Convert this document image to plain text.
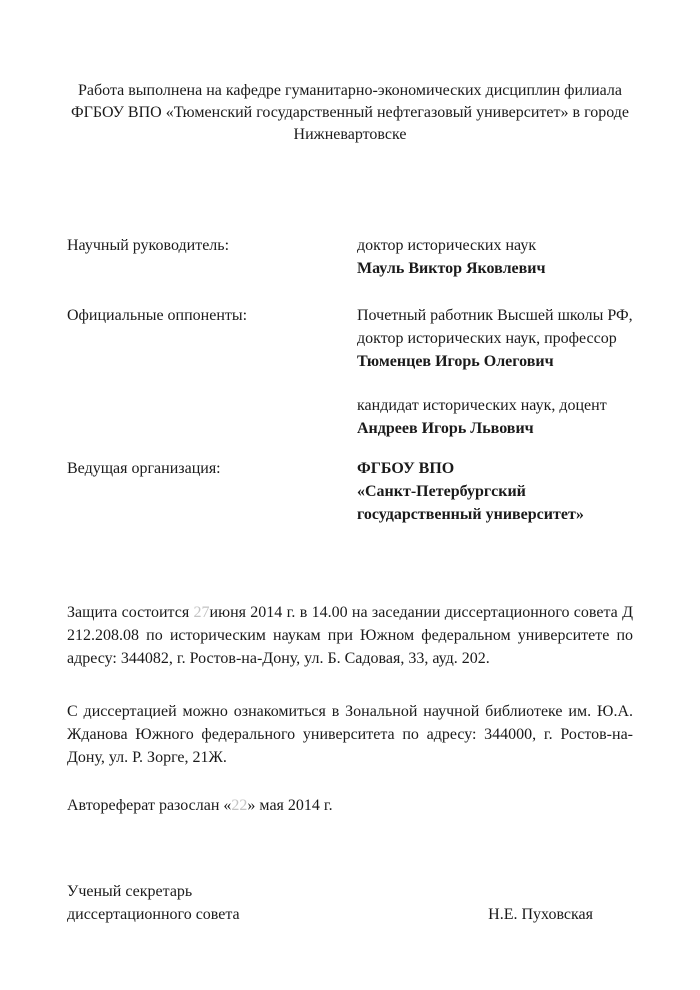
Работа выполнена на кафедре гуманитарно-экономических дисциплин филиала ФГБОУ ВПО «Тюменский государственный нефтегазовый университет» в городе Нижневартовске
Научный руководитель:	доктор исторических наук
Мауль Виктор Яковлевич
Официальные оппоненты:	Почетный работник Высшей школы РФ,
доктор исторических наук, профессор
Тюменцев Игорь Олегович
кандидат исторических наук, доцент
Андреев Игорь Львович
Ведущая организация:	ФГБОУ ВПО
«Санкт-Петербургский
государственный университет»

Защита состоится 27июня 2014 г. в 14.00 на заседании диссертационного совета Д 212.208.08 по историческим наукам при Южном федеральном университете по адресу: 344082, г. Ростов-на-Дону, ул. Б. Садовая, 33, ауд. 202.

С диссертацией можно ознакомиться в Зональной научной библиотеке им. Ю.А. Жданова Южного федерального университета по адресу: 344000, г. Ростов-на-Дону, ул. Р. Зорге, 21Ж.

Автореферат разослан «22» мая 2014 г.

Ученый секретарь
диссертационного совета	Н.Е. Пуховская
